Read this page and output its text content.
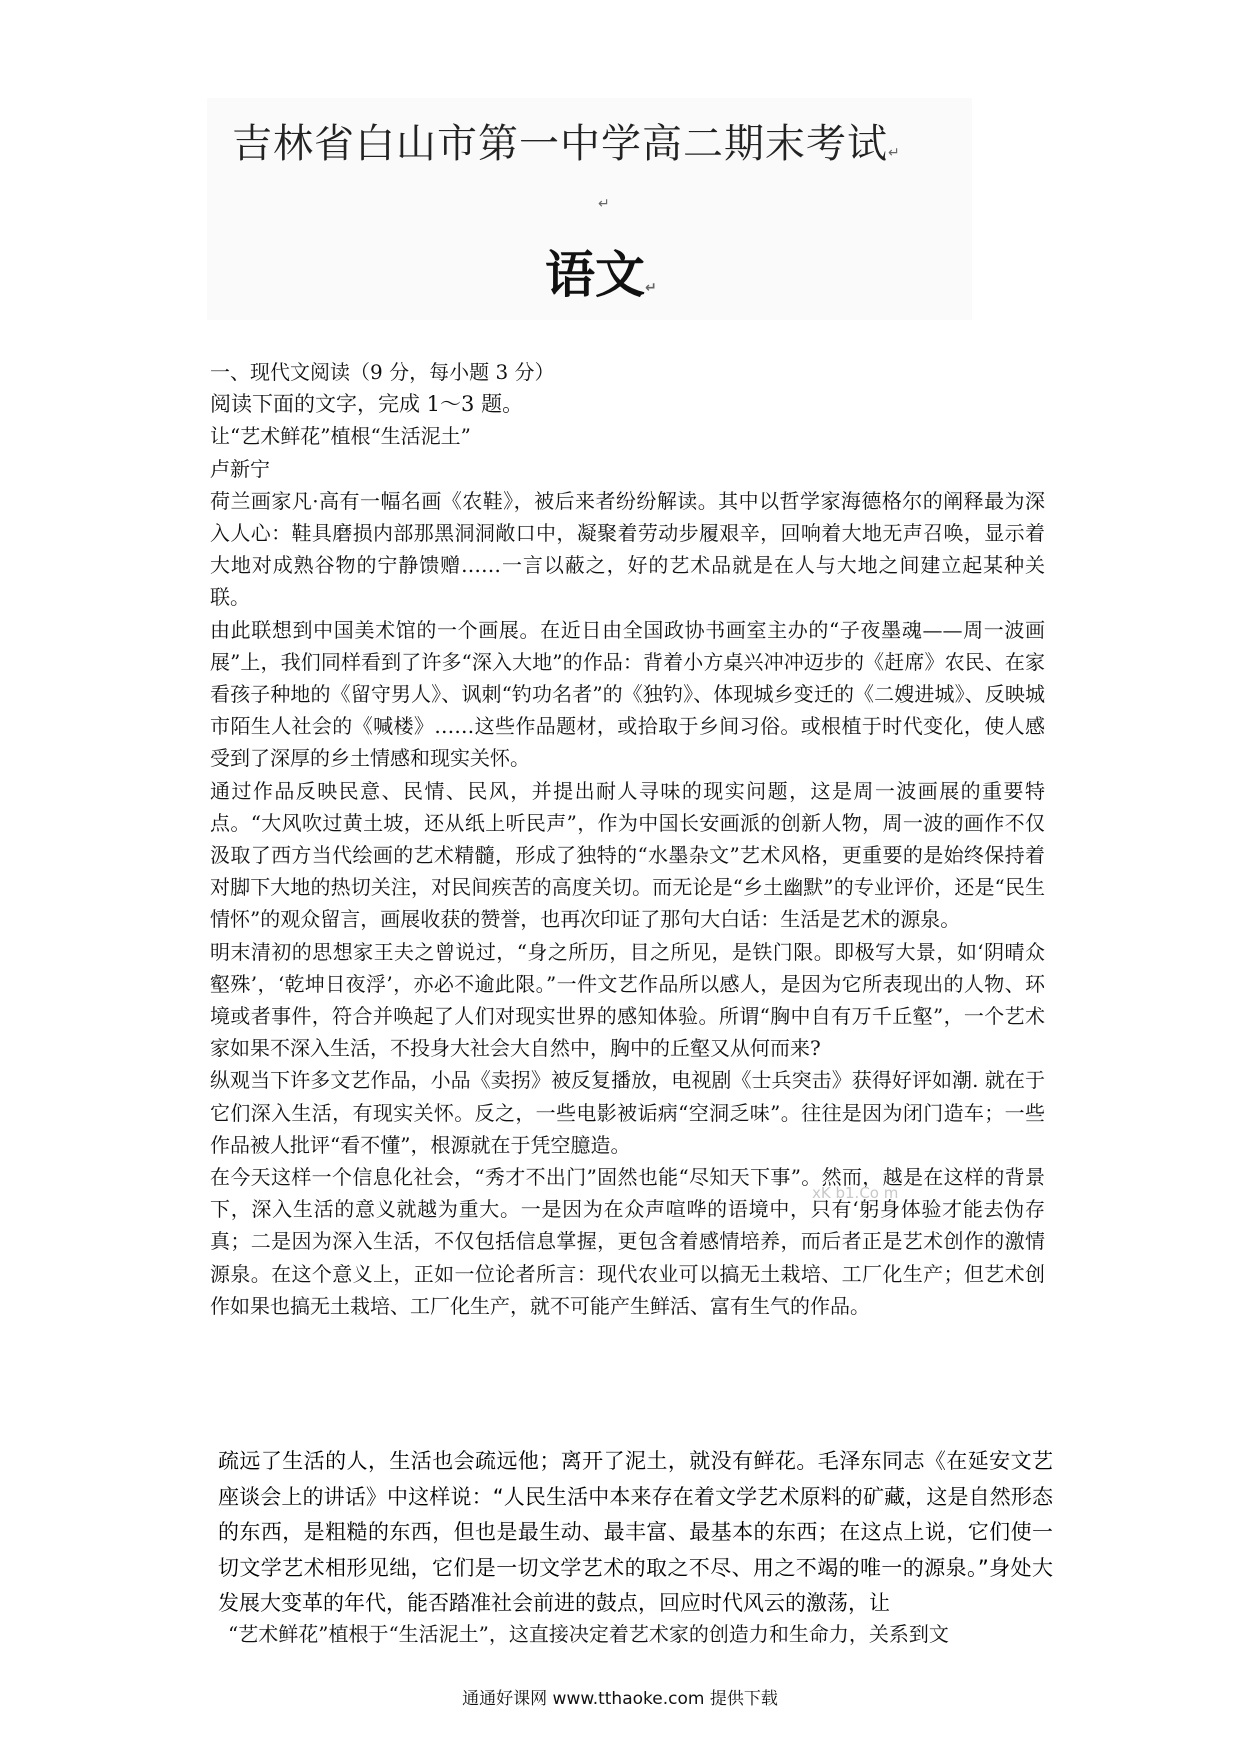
吉林省白山市第一中学高二期末考试↵
↵
语文↵

一、现代文阅读（9 分，每小题 3 分）

阅读下面的文字，完成 1～3 题。

让“艺术鲜花”植根“生活泥土”

卢新宁

荷兰画家凡·高有一幅名画《农鞋》，被后来者纷纷解读。其中以哲学家海德格尔的阐释最为深入人心：鞋具磨损内部那黑洞洞敞口中，凝聚着劳动步履艰辛，回响着大地无声召唤，显示着大地对成熟谷物的宁静馈赠……一言以蔽之，好的艺术品就是在人与大地之间建立起某种关联。

由此联想到中国美术馆的一个画展。在近日由全国政协书画室主办的“子夜墨魂——周一波画展”上，我们同样看到了许多“深入大地”的作品：背着小方桌兴冲冲迈步的《赶席》农民、在家看孩子种地的《留守男人》、讽刺“钓功名者”的《独钓》、体现城乡变迁的《二嫂进城》、反映城市陌生人社会的《喊楼》……这些作品题材，或拾取于乡间习俗。或根植于时代变化，使人感受到了深厚的乡土情感和现实关怀。

通过作品反映民意、民情、民风，并提出耐人寻味的现实问题，这是周一波画展的重要特点。“大风吹过黄土坡，还从纸上听民声”，作为中国长安画派的创新人物，周一波的画作不仅汲取了西方当代绘画的艺术精髓，形成了独特的“水墨杂文”艺术风格，更重要的是始终保持着对脚下大地的热切关注，对民间疾苦的高度关切。而无论是“乡土幽默”的专业评价，还是“民生情怀”的观众留言，画展收获的赞誉，也再次印证了那句大白话：生活是艺术的源泉。

明末清初的思想家王夫之曾说过，“身之所历，目之所见，是铁门限。即极写大景，如‘阴晴众壑殊’，‘乾坤日夜浮’，亦必不逾此限。”一件文艺作品所以感人，是因为它所表现出的人物、环境或者事件，符合并唤起了人们对现实世界的感知体验。所谓“胸中自有万千丘壑”，一个艺术家如果不深入生活，不投身大社会大自然中，胸中的丘壑又从何而来?

纵观当下许多文艺作品，小品《卖拐》被反复播放，电视剧《士兵突击》获得好评如潮. 就在于它们深入生活，有现实关怀。反之，一些电影被诟病“空洞乏味”。往往是因为闭门造车；一些作品被人批评“看不懂”，根源就在于凭空臆造。

在今天这样一个信息化社会，“秀才不出门”固然也能“尽知天下事”。然而，越是在这样的背景下，深入生活的意义就越为重大。一是因为在众声喧哗的语境中，只有‘躬身体验才能去伪存真；二是因为深入生活，不仅包括信息掌握，更包含着感情培养，而后者正是艺术创作的激情源泉。在这个意义上，正如一位论者所言：现代农业可以搞无土栽培、工厂化生产；但艺术创作如果也搞无土栽培、工厂化生产，就不可能产生鲜活、富有生气的作品。

xK b1.Co m

疏远了生活的人，生活也会疏远他；离开了泥土，就没有鲜花。毛泽东同志《在延安文艺座谈会上的讲话》中这样说：“人民生活中本来存在着文学艺术原料的矿藏，这是自然形态的东西，是粗糙的东西，但也是最生动、最丰富、最基本的东西；在这点上说，它们使一切文学艺术相形见绌，它们是一切文学艺术的取之不尽、用之不竭的唯一的源泉。”身处大发展大变革的年代，能否踏准社会前进的鼓点，回应时代风云的激荡，让

“艺术鲜花”植根于“生活泥土”，这直接决定着艺术家的创造力和生命力，关系到文
通通好课网 www.tthaoke.com 提供下载
